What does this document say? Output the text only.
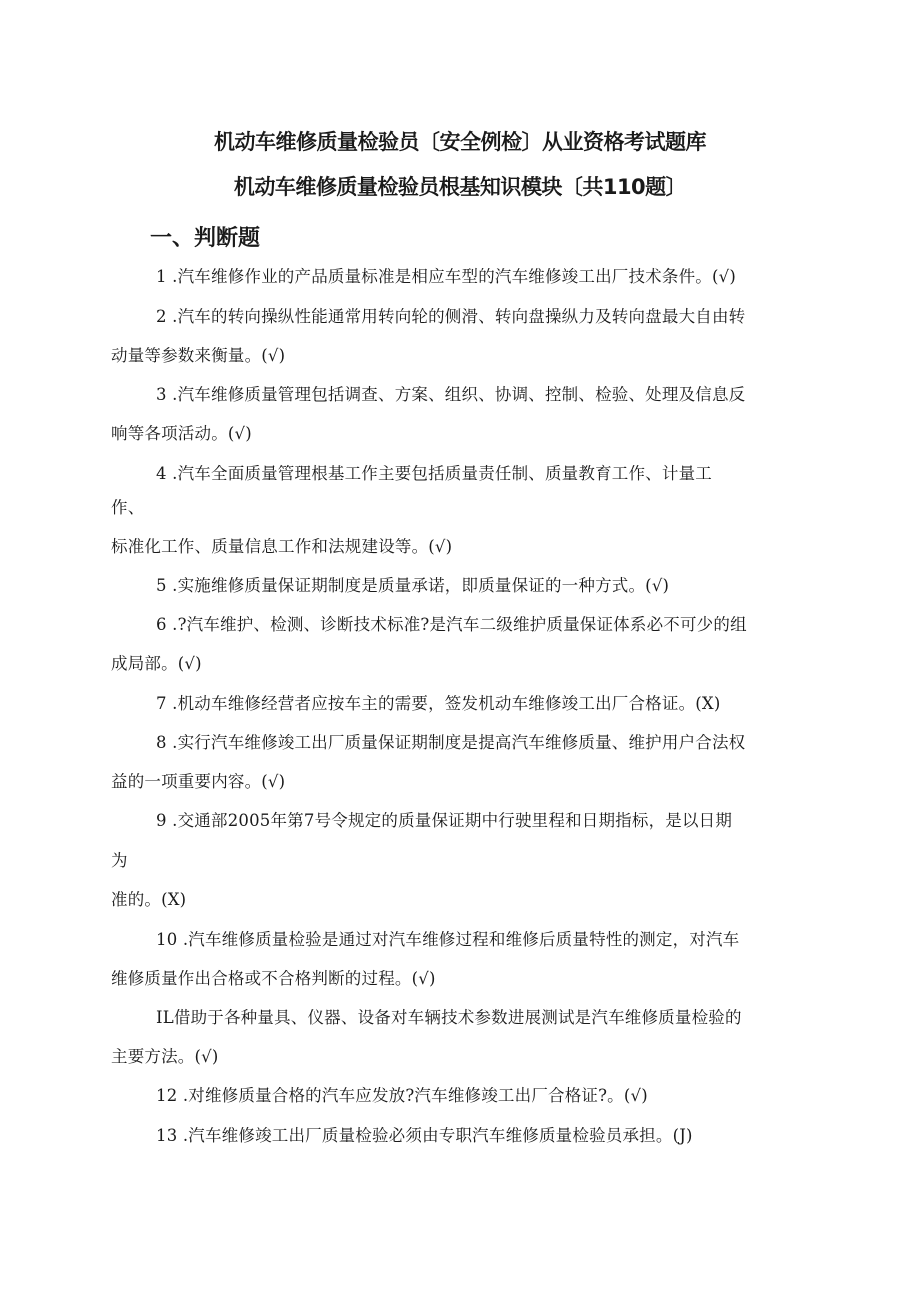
机动车维修质量检验员〔安全例检〕从业资格考试题库
机动车维修质量检验员根基知识模块〔共110题〕
一、判断题
1 .汽车维修作业的产品质量标准是相应车型的汽车维修竣工出厂技术条件。(√)
2 .汽车的转向操纵性能通常用转向轮的侧滑、转向盘操纵力及转向盘最大自由转
动量等参数来衡量。(√)
3 .汽车维修质量管理包括调查、方案、组织、协调、控制、检验、处理及信息反
响等各项活动。(√)
4 .汽车全面质量管理根基工作主要包括质量责任制、质量教育工作、计量工
作、
标准化工作、质量信息工作和法规建设等。(√)
5 .实施维修质量保证期制度是质量承诺，即质量保证的一种方式。(√)
6 .?汽车维护、检测、诊断技术标准?是汽车二级维护质量保证体系必不可少的组
成局部。(√)
7 .机动车维修经营者应按车主的需要，签发机动车维修竣工出厂合格证。(X)
8 .实行汽车维修竣工出厂质量保证期制度是提高汽车维修质量、维护用户合法权
益的一项重要内容。(√)
9 .交通部2005年第7号令规定的质量保证期中行驶里程和日期指标，是以日期
为
准的。(X)
10 .汽车维修质量检验是通过对汽车维修过程和维修后质量特性的测定，对汽车
维修质量作出合格或不合格判断的过程。(√)
IL借助于各种量具、仪器、设备对车辆技术参数进展测试是汽车维修质量检验的
主要方法。(√)
12 .对维修质量合格的汽车应发放?汽车维修竣工出厂合格证?。(√)
13 .汽车维修竣工出厂质量检验必须由专职汽车维修质量检验员承担。(J)
